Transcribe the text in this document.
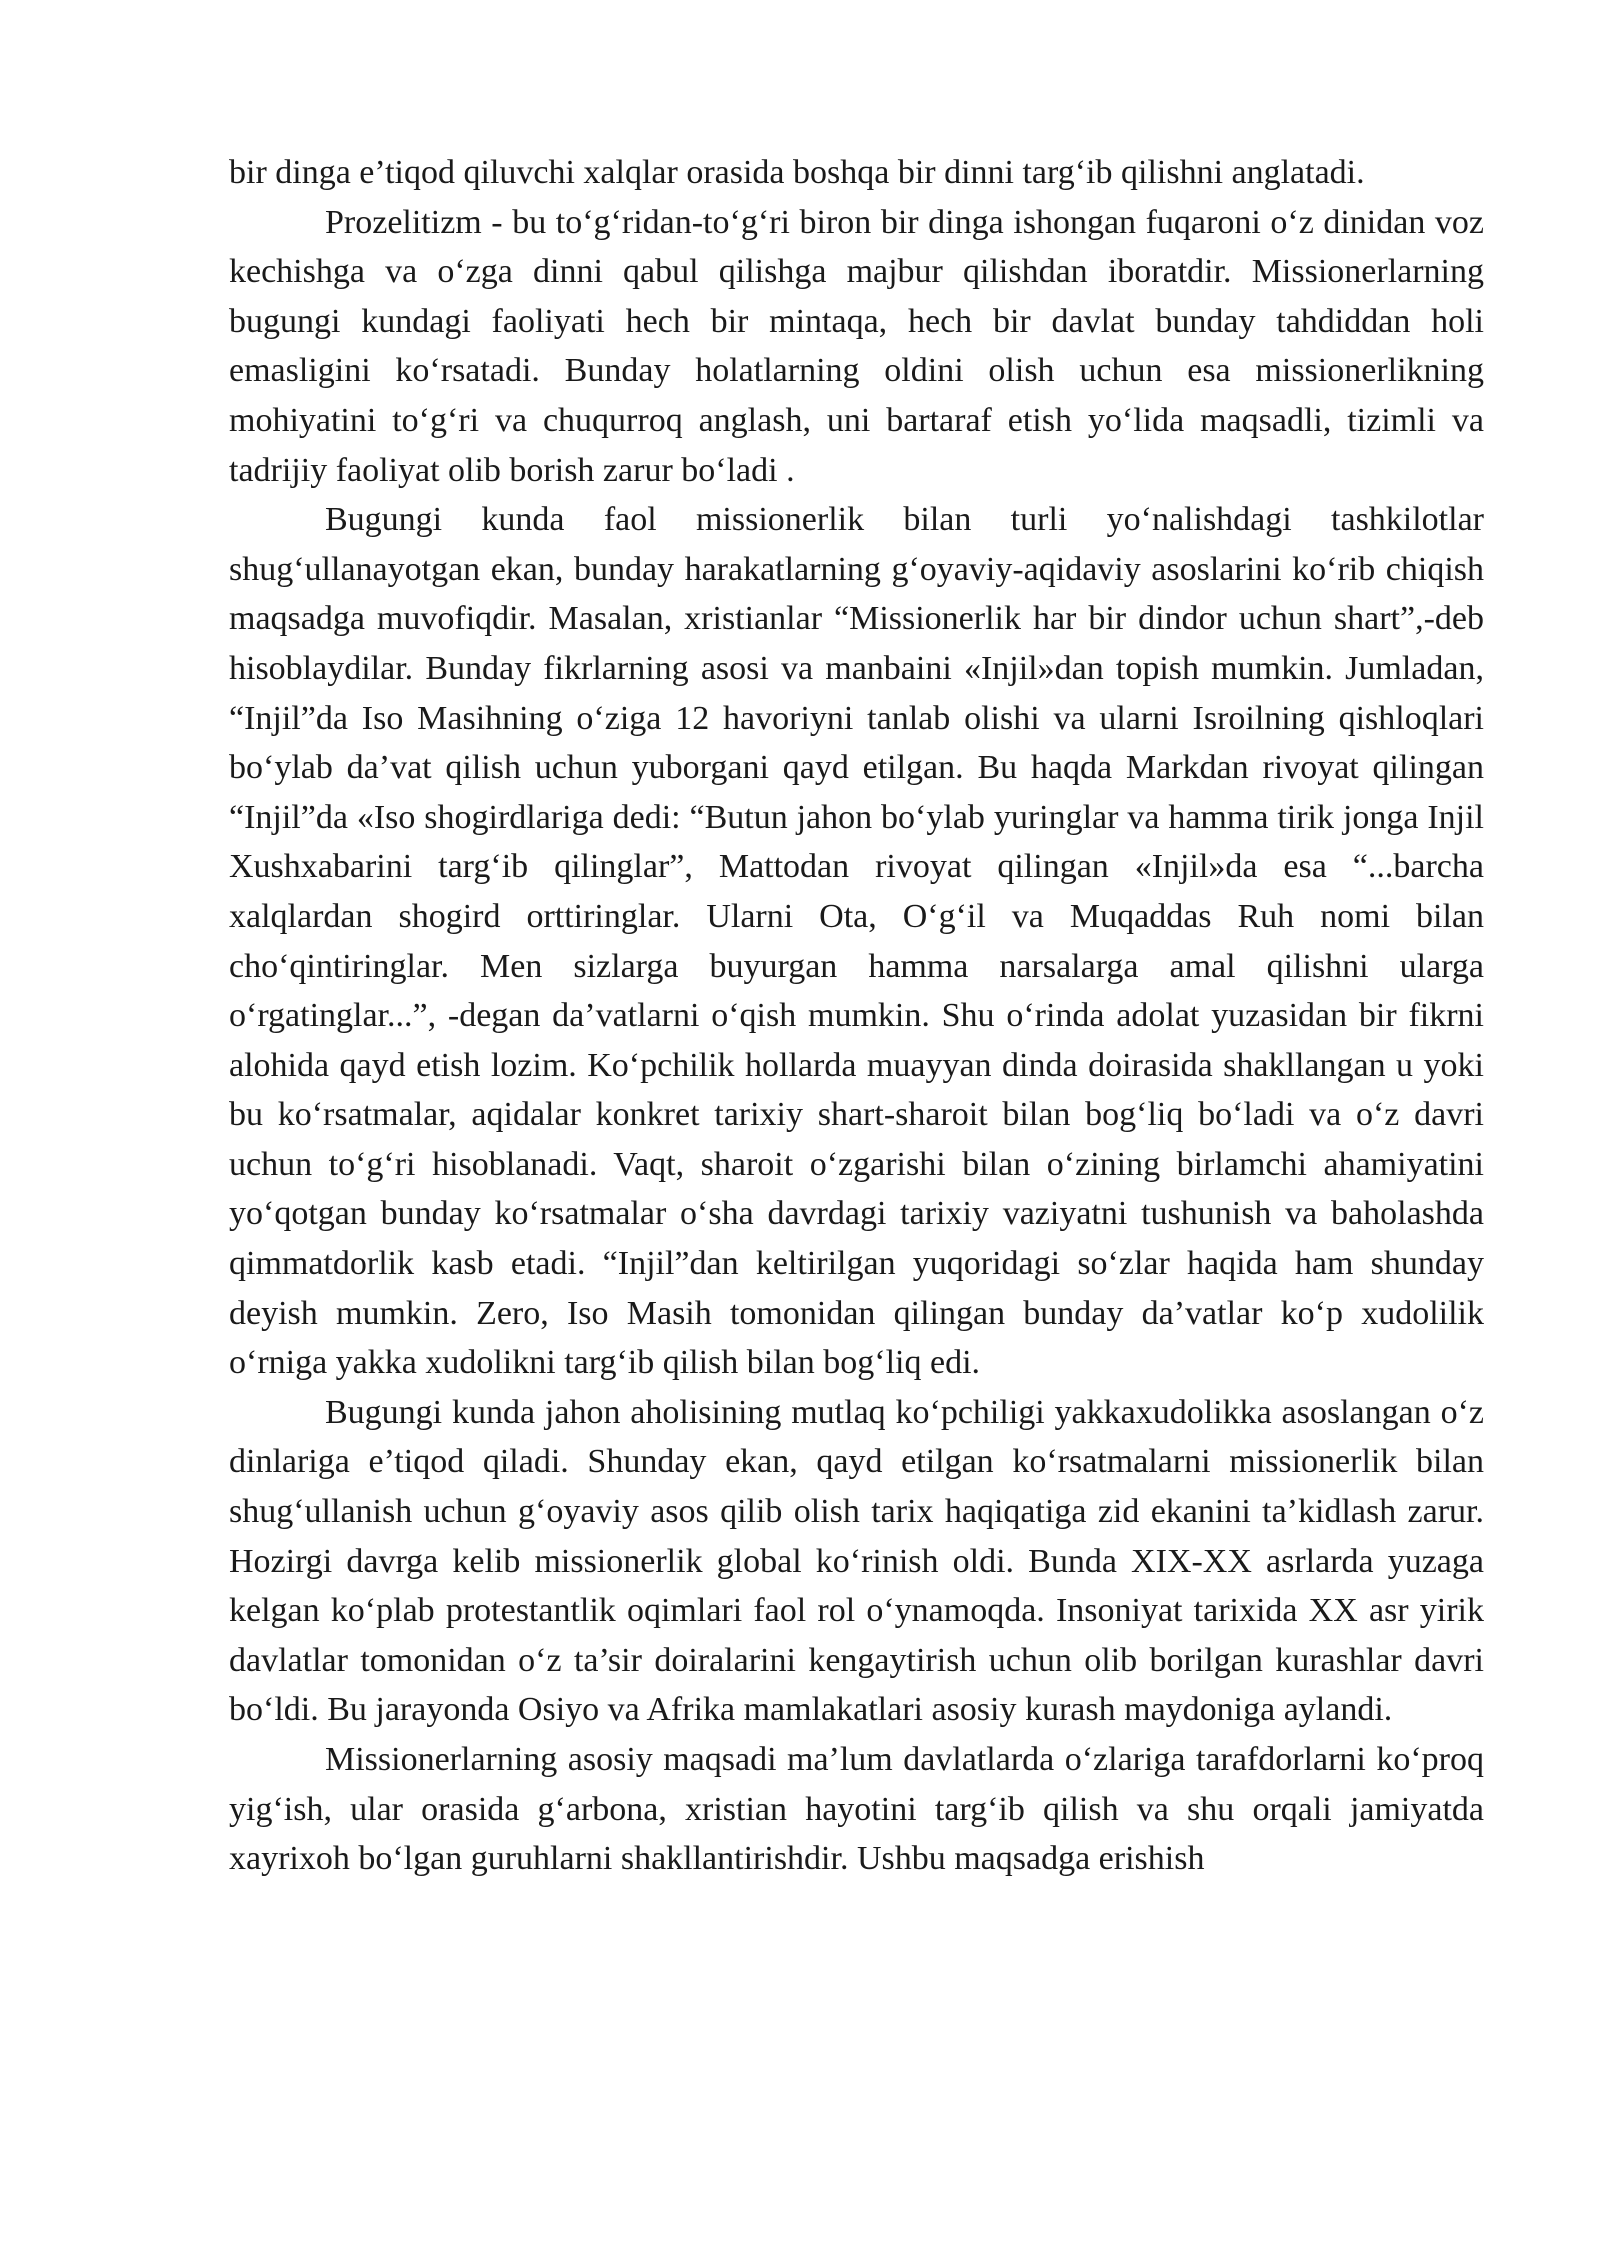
bir dinga e’tiqod qiluvchi xalqlar orasida boshqa bir dinni targ‘ib qilishni anglatadi.

Prozelitizm - bu to‘g‘ridan-to‘g‘ri biron bir dinga ishongan fuqaroni o‘z dinidan voz kechishga va o‘zga dinni qabul qilishga majbur qilishdan iboratdir. Missionerlarning bugungi kundagi faoliyati hech bir mintaqa, hech bir davlat bunday tahdiddan holi emasligini ko‘rsatadi. Bunday holatlarning oldini olish uchun esa missionerlikning mohiyatini to‘g‘ri va chuqurroq anglash, uni bartaraf etish yo‘lida maqsadli, tizimli va tadrijiy faoliyat olib borish zarur bo‘ladi .

Bugungi kunda faol missionerlik bilan turli yo‘nalishdagi tashkilotlar shug‘ullanayotgan ekan, bunday harakatlarning g‘oyaviy-aqidaviy asoslarini ko‘rib chiqish maqsadga muvofiqdir. Masalan, xristianlar “Missionerlik har bir dindor uchun shart”,-deb hisoblaydilar. Bunday fikrlarning asosi va manbaini «Injil»dan topish mumkin. Jumladan, “Injil”da Iso Masihning o‘ziga 12 havoriyni tanlab olishi va ularni Isroilning qishloqlari bo‘ylab da’vat qilish uchun yuborgani qayd etilgan. Bu haqda Markdan rivoyat qilingan “Injil”da «Iso shogirdlariga dedi: “Butun jahon bo‘ylab yuringlar va hamma tirik jonga Injil Xushxabarini targ‘ib qilinglar”, Mattodan rivoyat qilingan «Injil»da esa “...barcha xalqlardan shogird orttiringlar. Ularni Ota, O‘g‘il va Muqaddas Ruh nomi bilan cho‘qintiringlar. Men sizlarga buyurgan hamma narsalarga amal qilishni ularga o‘rgatinglar...”, -degan da’vatlarni o‘qish mumkin. Shu o‘rinda adolat yuzasidan bir fikrni alohida qayd etish lozim. Ko‘pchilik hollarda muayyan dinda doirasida shakllangan u yoki bu ko‘rsatmalar, aqidalar konkret tarixiy shart-sharoit bilan bog‘liq bo‘ladi va o‘z davri uchun to‘g‘ri hisoblanadi. Vaqt, sharoit o‘zgarishi bilan o‘zining birlamchi ahamiyatini yo‘qotgan bunday ko‘rsatmalar o‘sha davrdagi tarixiy vaziyatni tushunish va baholashda qimmatdorlik kasb etadi. “Injil”dan keltirilgan yuqoridagi so‘zlar haqida ham shunday deyish mumkin. Zero, Iso Masih tomonidan qilingan bunday da’vatlar ko‘p xudolilik o‘rniga yakka xudolikni targ‘ib qilish bilan bog‘liq edi.

Bugungi kunda jahon aholisining mutlaq ko‘pchiligi yakkaxudolikka asoslangan o‘z dinlariga e’tiqod qiladi. Shunday ekan, qayd etilgan ko‘rsatmalarni missionerlik bilan shug‘ullanish uchun g‘oyaviy asos qilib olish tarix haqiqatiga zid ekanini ta’kidlash zarur. Hozirgi davrga kelib missionerlik global ko‘rinish oldi. Bunda XIX-XX asrlarda yuzaga kelgan ko‘plab protestantlik oqimlari faol rol o‘ynamoqda. Insoniyat tarixida XX asr yirik davlatlar tomonidan o‘z ta’sir doiralarini kengaytirish uchun olib borilgan kurashlar davri bo‘ldi. Bu jarayonda Osiyo va Afrika mamlakatlari asosiy kurash maydoniga aylandi.

Missionerlarning asosiy maqsadi ma’lum davlatlarda o‘zlariga tarafdorlarni ko‘proq yig‘ish, ular orasida g‘arbona, xristian hayotini targ‘ib qilish va shu orqali jamiyatda xayrixoh bo‘lgan guruhlarni shakllantirishdir. Ushbu maqsadga erishish
